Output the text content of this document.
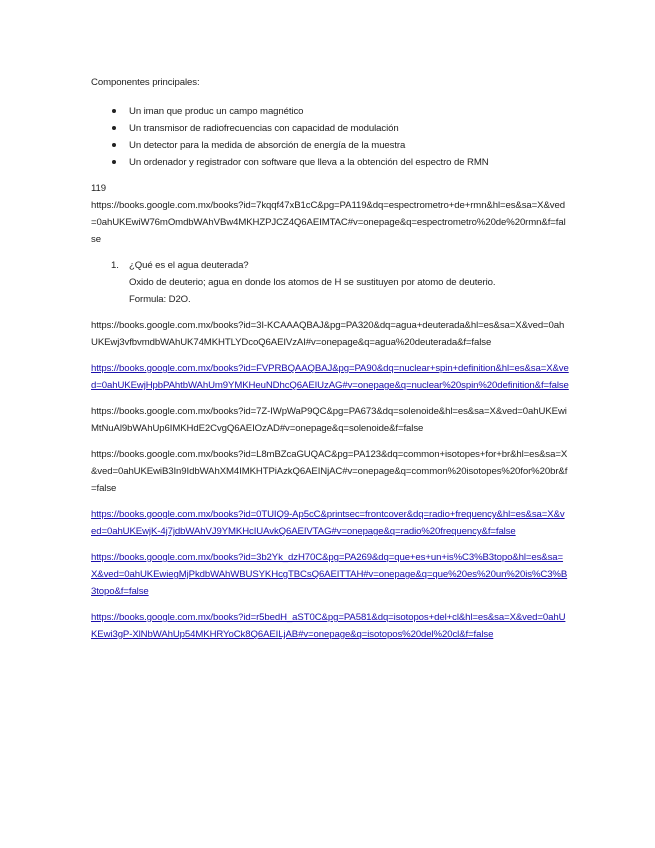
Componentes principales:
Un iman que produc un campo magnético
Un transmisor de radiofrecuencias con capacidad de modulación
Un detector para la medida de absorción de energía de la muestra
Un ordenador y registrador con software que lleva a la obtención del espectro de RMN
119
https://books.google.com.mx/books?id=7kqqf47xB1cC&pg=PA119&dq=espectrometro+de+rmn&hl=es&sa=X&ved=0ahUKEwiW76mOmdbWAhVBw4MKHZPJCZ4Q6AEIMTAC#v=onepage&q=espectrometro%20de%20rmn&f=false
1. ¿Qué es el agua deuterada?
Oxido de deuterio; agua en donde los atomos de H se sustituyen por atomo de deuterio.
Formula: D2O.
https://books.google.com.mx/books?id=3I-KCAAAQBAJ&pg=PA320&dq=agua+deuterada&hl=es&sa=X&ved=0ahUKEwj3vfbvmdbWAhUK74MKHTLYDcoQ6AEIVzAI#v=onepage&q=agua%20deuterada&f=false
https://books.google.com.mx/books?id=FVPRBQAAQBAJ&pg=PA90&dq=nuclear+spin+definition&hl=es&sa=X&ved=0ahUKEwjHpbPAhtbWAhUm9YMKHeuNDhcQ6AEIUzAG#v=onepage&q=nuclear%20spin%20definition&f=false
https://books.google.com.mx/books?id=7Z-IWpWaP9QC&pg=PA673&dq=solenoide&hl=es&sa=X&ved=0ahUKEwiMtNuAl9bWAhUp6IMKHdE2CvgQ6AEIOzAD#v=onepage&q=solenoide&f=false
https://books.google.com.mx/books?id=L8mBZcaGUQAC&pg=PA123&dq=common+isotopes+for+br&hl=es&sa=X&ved=0ahUKEwiB3In9IdbWAhXM4IMKHTPiAzkQ6AEINjAC#v=onepage&q=common%20isotopes%20for%20br&f=false
https://books.google.com.mx/books?id=0TUIQ9-Ap5cC&printsec=frontcover&dq=radio+frequency&hl=es&sa=X&ved=0ahUKEwjK-4j7jdbWAhVJ9YMKHcIUAvkQ6AEIVTAG#v=onepage&q=radio%20frequency&f=false
https://books.google.com.mx/books?id=3b2Yk_dzH70C&pg=PA269&dq=que+es+un+is%C3%B3topo&hl=es&sa=X&ved=0ahUKEwiegMjPkdbWAhWBUSYKHcgTBCsQ6AEITTAH#v=onepage&q=que%20es%20un%20is%C3%B3topo&f=false
https://books.google.com.mx/books?id=r5bedH_aST0C&pg=PA581&dq=isotopos+del+cl&hl=es&sa=X&ved=0ahUKEwi3gP-XlNbWAhUp54MKHRYoCk8Q6AEILjAB#v=onepage&q=isotopos%20del%20cl&f=false
